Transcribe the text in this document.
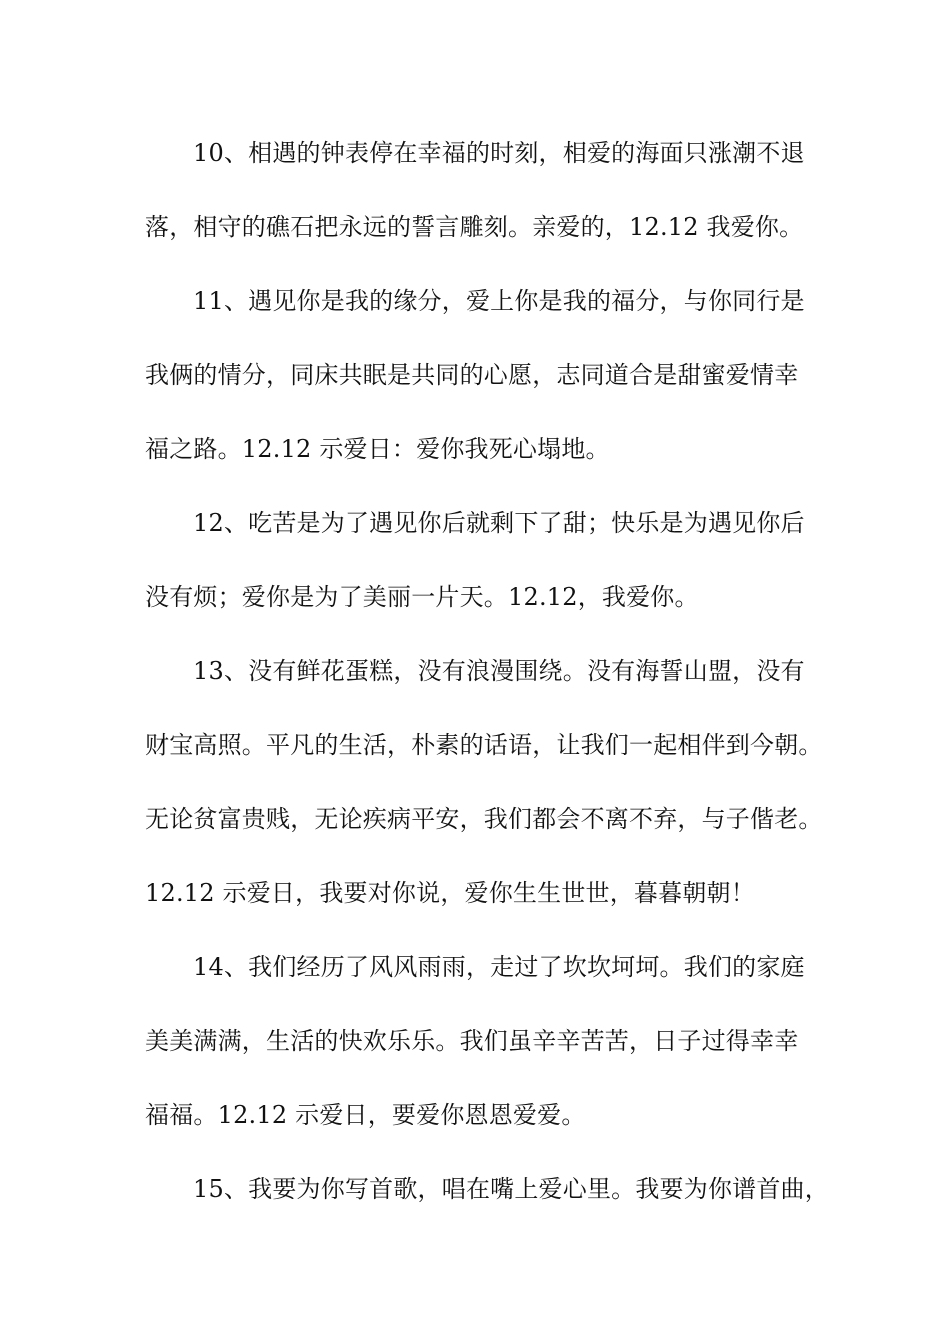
10、相遇的钟表停在幸福的时刻，相爱的海面只涨潮不退
落，相守的礁石把永远的誓言雕刻。亲爱的，12.12 我爱你。
11、遇见你是我的缘分，爱上你是我的福分，与你同行是
我俩的情分，同床共眠是共同的心愿，志同道合是甜蜜爱情幸
福之路。12.12 示爱日：爱你我死心塌地。
12、吃苦是为了遇见你后就剩下了甜；快乐是为遇见你后
没有烦；爱你是为了美丽一片天。12.12，我爱你。
13、没有鲜花蛋糕，没有浪漫围绕。没有海誓山盟，没有
财宝高照。平凡的生活，朴素的话语，让我们一起相伴到今朝。
无论贫富贵贱，无论疾病平安，我们都会不离不弃，与子偕老。
12.12 示爱日，我要对你说，爱你生生世世，暮暮朝朝！
14、我们经历了风风雨雨，走过了坎坎坷坷。我们的家庭
美美满满，生活的快欢乐乐。我们虽辛辛苦苦，日子过得幸幸
福福。12.12 示爱日，要爱你恩恩爱爱。
15、我要为你写首歌，唱在嘴上爱心里。我要为你谱首曲，
